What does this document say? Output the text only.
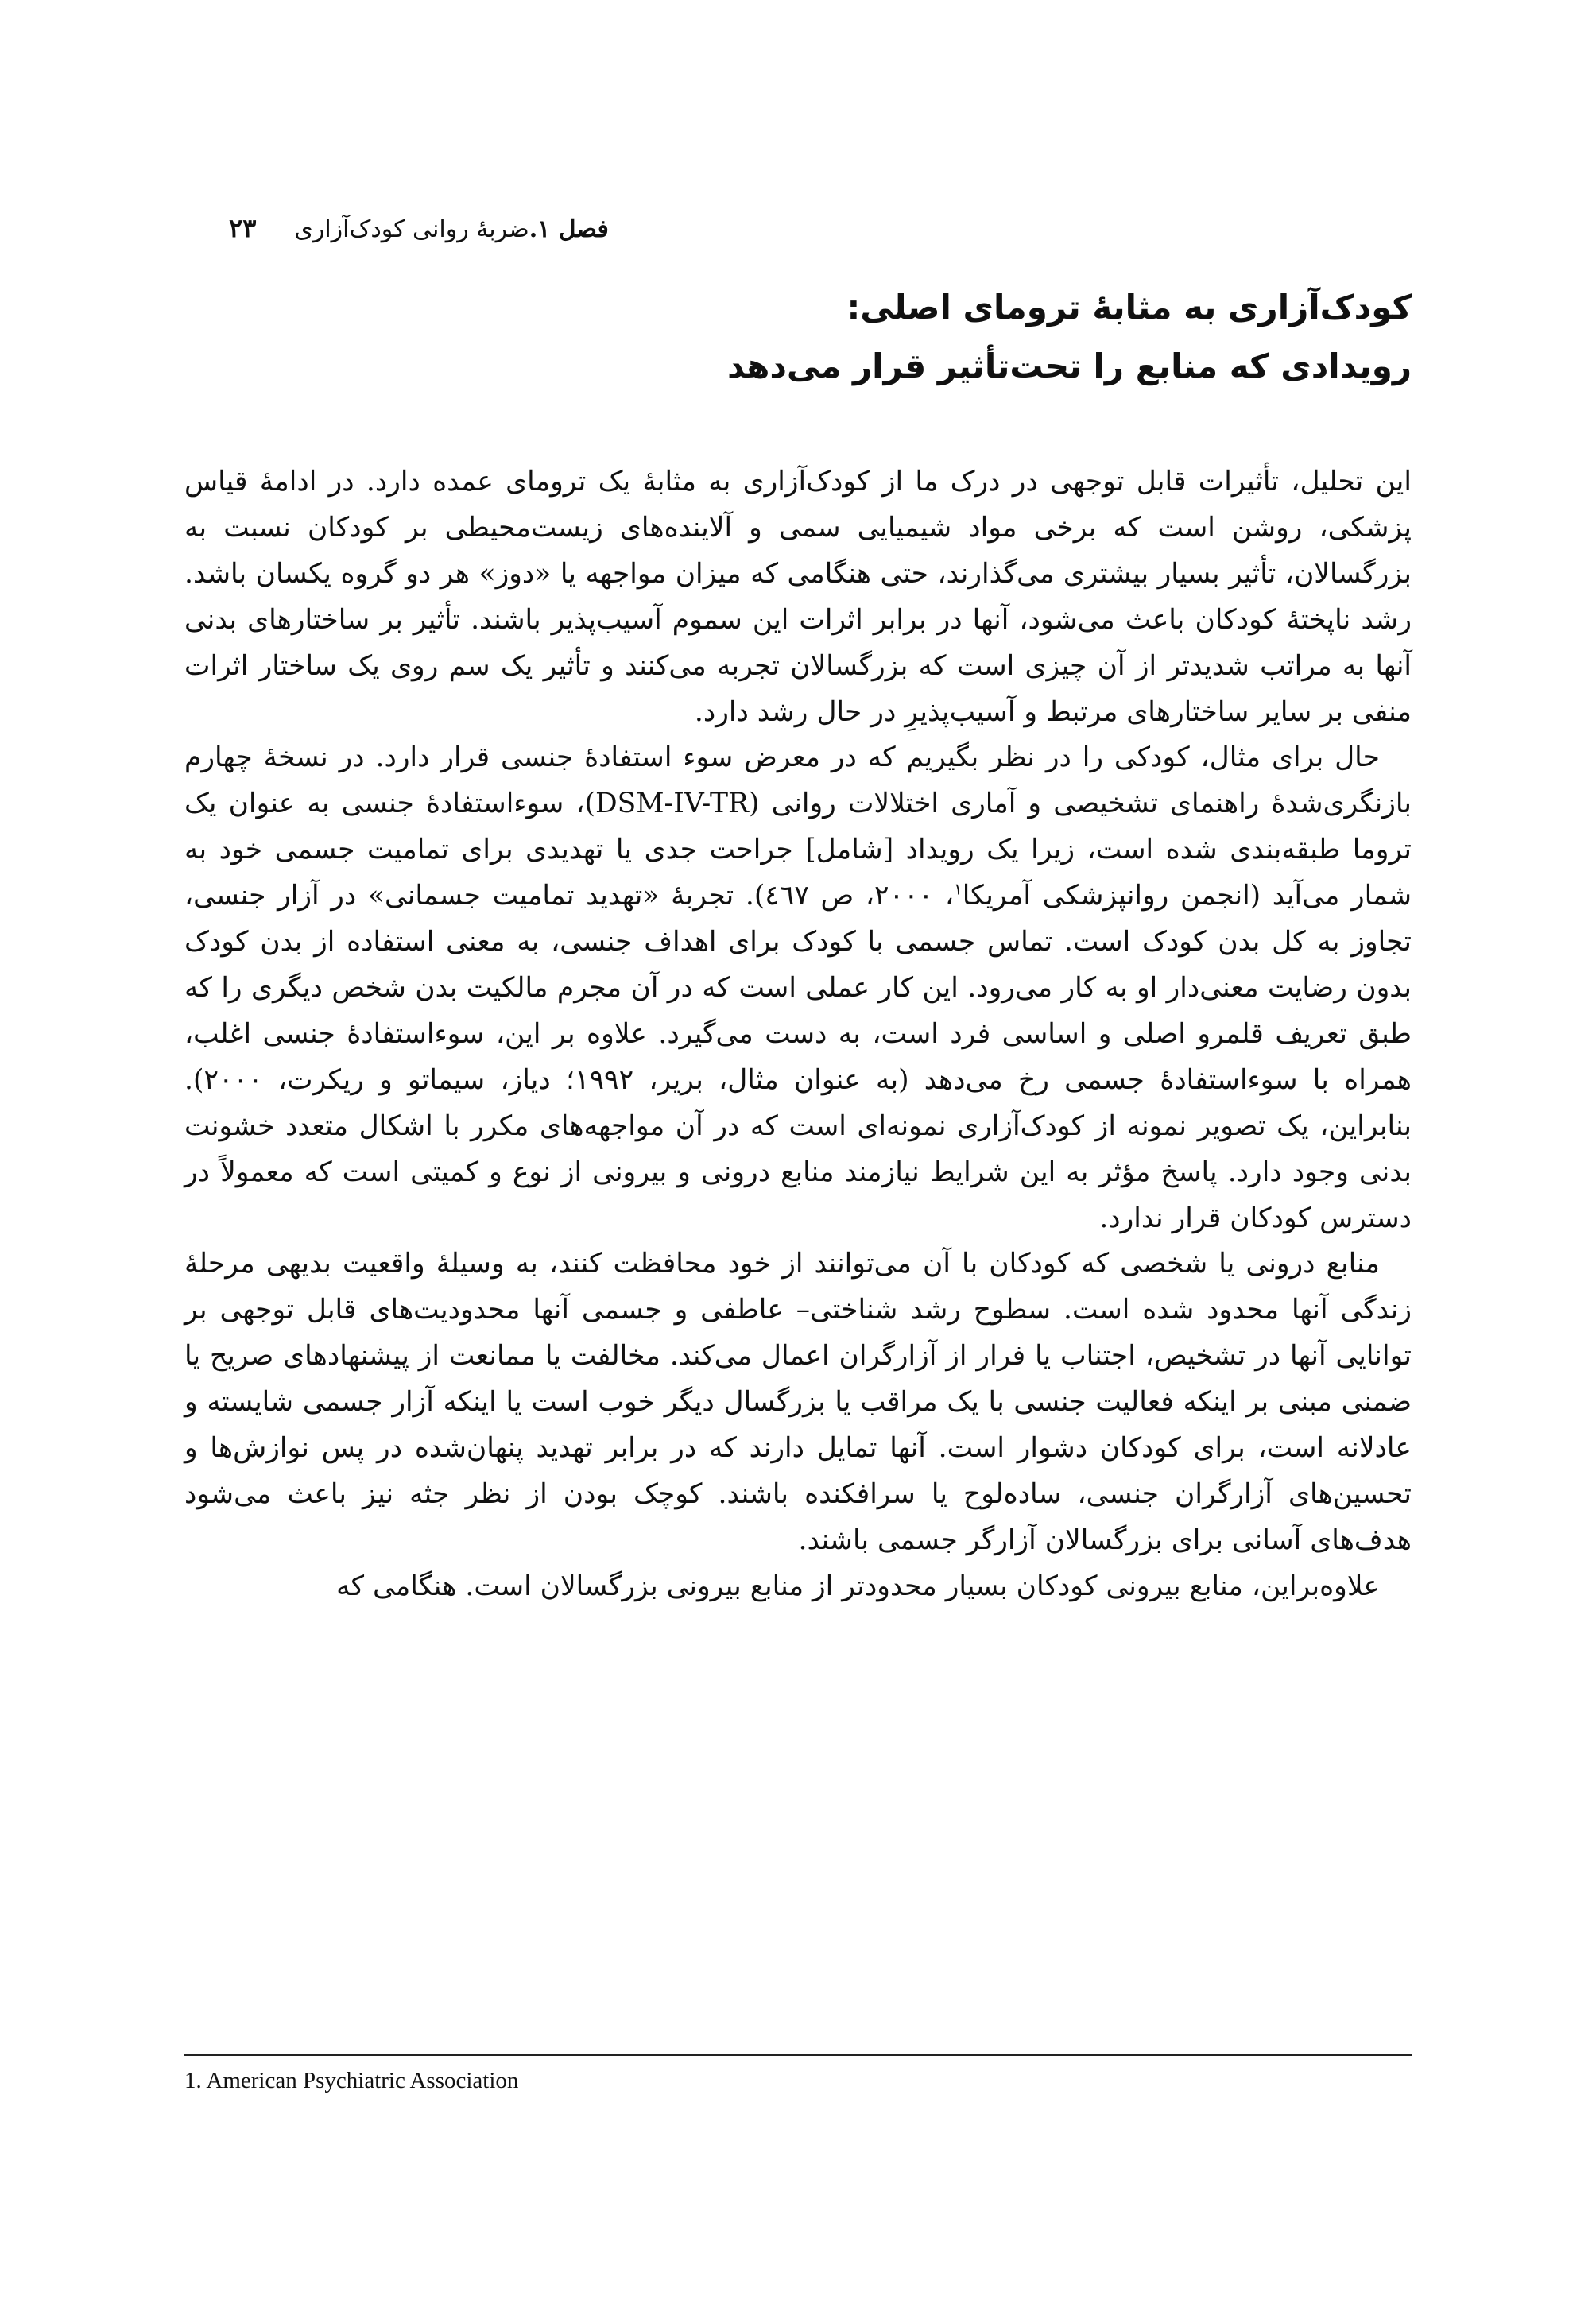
فصل ۱.
ضربۀ روانی کودک‌آزاری
۲۳
کودک‌آزاری به مثابۀ ترومای اصلی:
رویدادی که منابع را تحت‌تأثیر قرار می‌دهد

این تحلیل، تأثیرات قابل توجهی در درک ما از کودک‌آزاری به مثابۀ یک ترومای عمده دارد. در ادامۀ قیاس پزشکی، روشن است که برخی مواد شیمیایی سمی و آلاینده‌های زیست‌محیطی بر کودکان نسبت به بزرگسالان، تأثیر بسیار بیشتری می‌گذارند، حتی هنگامی که میزان مواجهه یا «دوز» هر دو گروه یکسان باشد. رشد ناپختۀ کودکان باعث می‌شود، آنها در برابر اثرات این سموم آسیب‌پذیر باشند. تأثیر بر ساختارهای بدنی آنها به مراتب شدیدتر از آن چیزی است که بزرگسالان تجربه می‌کنند و تأثیر یک سم روی یک ساختار اثرات منفی بر سایر ساختارهای مرتبط و آسیب‌پذیرِ در حال رشد دارد.

حال برای مثال، کودکی را در نظر بگیریم که در معرض سوء استفادۀ جنسی قرار دارد. در نسخۀ چهارم بازنگری‌شدۀ راهنمای تشخیصی و آماری اختلالات روانی (DSM-IV-TR)، سوءاستفادۀ جنسی به عنوان یک تروما طبقه‌بندی شده است، زیرا یک رویداد [شامل] جراحت جدی یا تهدیدی برای تمامیت جسمی خود به شمار می‌آید (انجمن روانپزشکی آمریکا$^۱$، ۲۰۰۰، ص ٤٦٧). تجربۀ «تهدید تمامیت جسمانی» در آزار جنسی، تجاوز به کل بدن کودک است. تماس جسمی با کودک برای اهداف جنسی، به معنی استفاده از بدن کودک بدون رضایت معنی‌دار او به کار می‌رود. این کار عملی است که در آن مجرم مالکیت بدن شخص دیگری را که طبق تعریف قلمرو اصلی و اساسی فرد است، به دست می‌گیرد. علاوه بر این، سوءاستفادۀ جنسی اغلب، همراه با سوءاستفادۀ جسمی رخ می‌دهد (به عنوان مثال، بریر، ۱۹۹۲؛ دیاز، سیماتو و ریکرت، ۲۰۰۰). بنابراین، یک تصویر نمونه از کودک‌آزاری نمونه‌ای است که در آن مواجهه‌های مکرر با اشکال متعدد خشونت بدنی وجود دارد. پاسخ مؤثر به این شرایط نیازمند منابع درونی و بیرونی از نوع و کمیتی است که معمولاً در دسترس کودکان قرار ندارد.

منابع درونی یا شخصی که کودکان با آن می‌توانند از خود محافظت کنند، به وسیلۀ واقعیت بدیهی مرحلۀ زندگی آنها محدود شده است. سطوح رشد شناختی– عاطفی و جسمی آنها محدودیت‌های قابل توجهی بر توانایی آنها در تشخیص، اجتناب یا فرار از آزارگران اعمال می‌کند. مخالفت یا ممانعت از پیشنهادهای صریح یا ضمنی مبنی بر اینکه فعالیت جنسی با یک مراقب یا بزرگسال دیگر خوب است یا اینکه آزار جسمی شایسته و عادلانه است، برای کودکان دشوار است. آنها تمایل دارند که در برابر تهدید پنهان‌شده در پس نوازش‌ها و تحسین‌های آزارگران جنسی، ساده‌لوح یا سرافکنده باشند. کوچک بودن از نظر جثه نیز باعث می‌شود هدف‌های آسانی برای بزرگسالان آزارگر جسمی باشند.

علاوه‌براین، منابع بیرونی کودکان بسیار محدودتر از منابع بیرونی بزرگسالان است. هنگامی که

1. American Psychiatric Association
